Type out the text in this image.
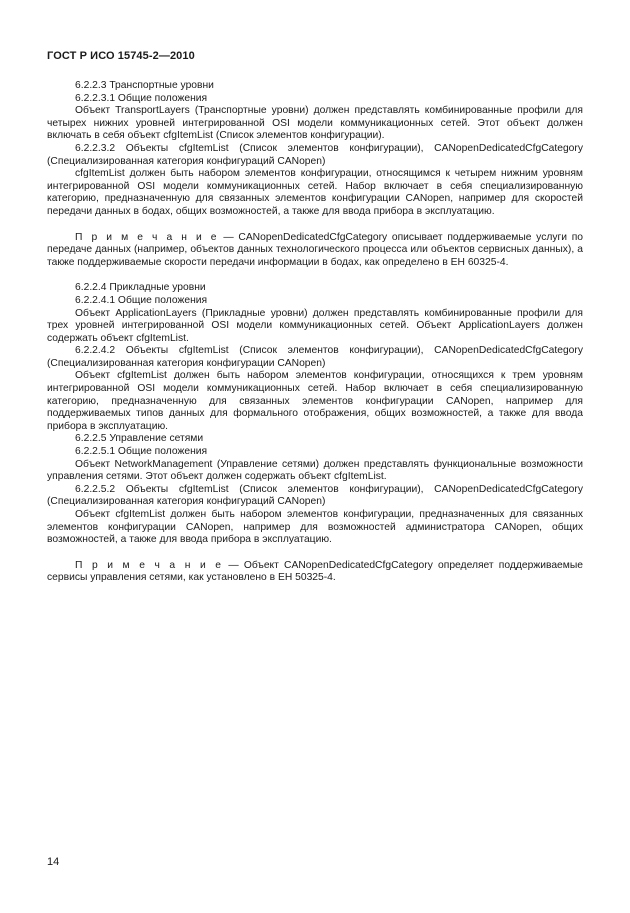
ГОСТ Р ИСО 15745-2—2010

6.2.2.3 Транспортные уровни

6.2.2.3.1 Общие положения

Объект TransportLayers (Транспортные уровни) должен представлять комбинированные профили для четырех нижних уровней интегрированной OSI модели коммуникационных сетей. Этот объект должен включать в себя объект cfgItemList (Список элементов конфигурации).

6.2.2.3.2 Объекты cfgItemList (Список элементов конфигурации), CANopenDedicatedCfgCategory (Специализированная категория конфигураций CANopen)

cfgItemList должен быть набором элементов конфигурации, относящимся к четырем нижним уровням интегрированной OSI модели коммуникационных сетей. Набор включает в себя специализированную категорию, предназначенную для связанных элементов конфигурации CANopen, например для скоростей передачи данных в бодах, общих возможностей, а также для ввода прибора в эксплуатацию.

П р и м е ч а н и е — CANopenDedicatedCfgCategory описывает поддерживаемые услуги по передаче данных (например, объектов данных технологического процесса или объектов сервисных данных), а также поддерживаемые скорости передачи информации в бодах, как определено в ЕН 60325-4.

6.2.2.4 Прикладные уровни

6.2.2.4.1 Общие положения

Объект ApplicationLayers (Прикладные уровни) должен представлять комбинированные профили для трех уровней интегрированной OSI модели коммуникационных сетей. Объект ApplicationLayers должен содержать объект cfgItemList.

6.2.2.4.2 Объекты cfgItemList (Список элементов конфигурации), CANopenDedicatedCfgCategory (Специализированная категория конфигурации CANopen)

Объект cfgItemList должен быть набором элементов конфигурации, относящихся к трем уровням интегрированной OSI модели коммуникационных сетей. Набор включает в себя специализированную категорию, предназначенную для связанных элементов конфигурации CANopen, например для поддерживаемых типов данных для формального отображения, общих возможностей, а также для ввода прибора в эксплуатацию.

6.2.2.5 Управление сетями

6.2.2.5.1 Общие положения

Объект NetworkManagement (Управление сетями) должен представлять функциональные возможности управления сетями. Этот объект должен содержать объект cfgItemList.

6.2.2.5.2 Объекты cfgItemList (Список элементов конфигурации), CANopenDedicatedCfgCategory (Специализированная категория конфигураций CANopen)

Объект cfgItemList должен быть набором элементов конфигурации, предназначенных для связанных элементов конфигурации CANopen, например для возможностей администратора CANopen, общих возможностей, а также для ввода прибора в эксплуатацию.

П р и м е ч а н и е — Объект CANopenDedicatedCfgCategory определяет поддерживаемые сервисы управления сетями, как установлено в ЕН 50325-4.

14
